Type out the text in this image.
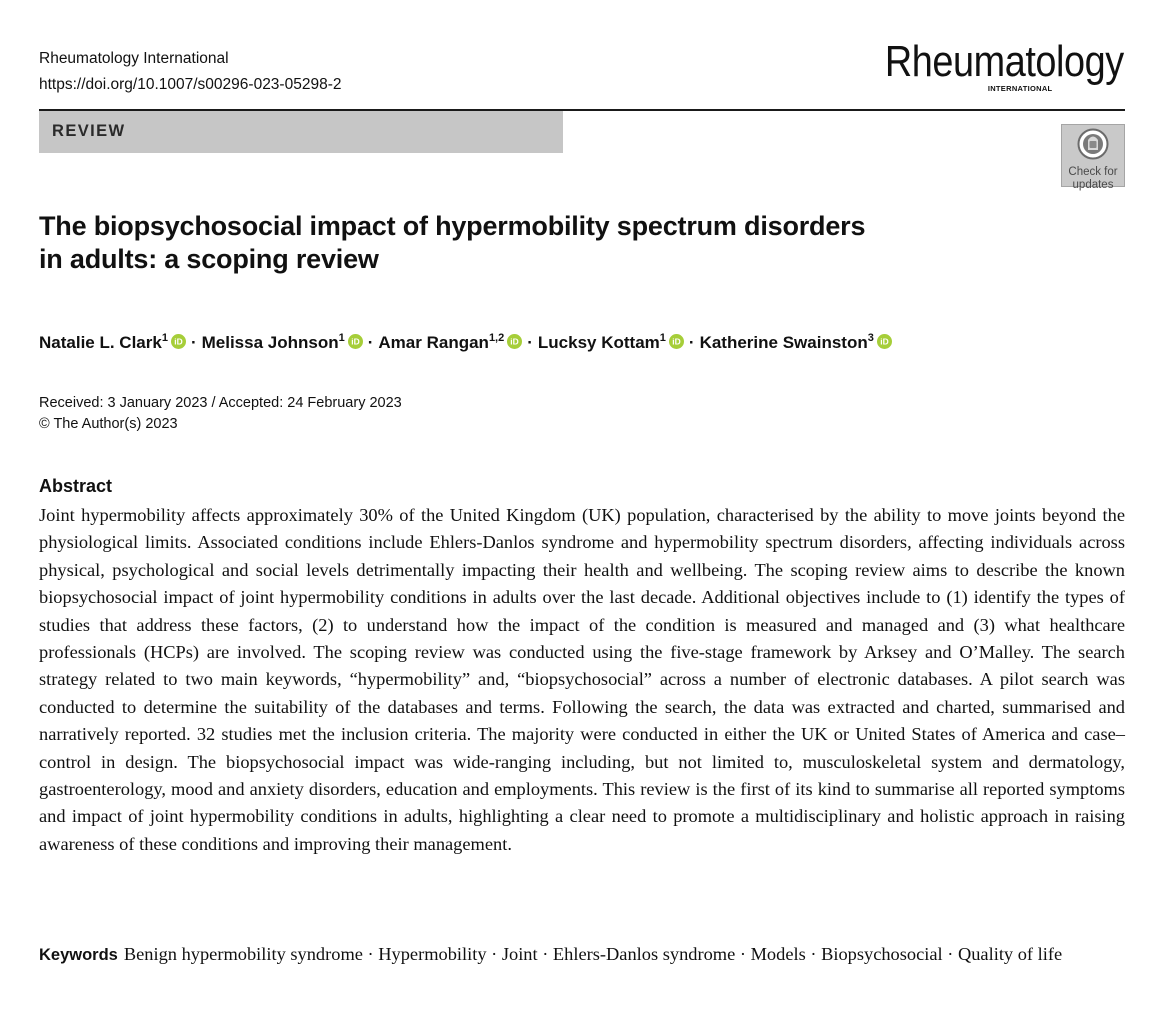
Rheumatology International
https://doi.org/10.1007/s00296-023-05298-2	Rheumatology
INTERNATIONAL
REVIEW
Check for
updates
The biopsychosocial impact of hypermobility spectrum disorders
in adults: a scoping review
Natalie L. Clark$^1$ iD · Melissa Johnson$^1$ iD · Amar Rangan$^{1,2}$ iD · Lucksy Kottam$^1$ iD · Katherine Swainston$^3$ iD
Received: 3 January 2023 / Accepted: 24 February 2023
© The Author(s) 2023
Abstract
Joint hypermobility affects approximately 30% of the United Kingdom (UK) population, characterised by the ability to move joints beyond the physiological limits. Associated conditions include Ehlers-Danlos syndrome and hypermobility spectrum disorders, affecting individuals across physical, psychological and social levels detrimentally impacting their health and wellbeing. The scoping review aims to describe the known biopsychosocial impact of joint hypermobility conditions in adults over the last decade. Additional objectives include to (1) identify the types of studies that address these factors, (2) to understand how the impact of the condition is measured and managed and (3) what healthcare professionals (HCPs) are involved. The scoping review was conducted using the five-stage framework by Arksey and O’Malley. The search strategy related to two main keywords, “hypermobility” and, “biopsychosocial” across a number of electronic databases. A pilot search was conducted to determine the suitability of the databases and terms. Following the search, the data was extracted and charted, summarised and narratively reported. 32 studies met the inclusion criteria. The majority were conducted in either the UK or United States of America and case–control in design. The biopsychosocial impact was wide-ranging including, but not limited to, musculoskeletal system and dermatology, gastroenterology, mood and anxiety disorders, education and employments. This review is the first of its kind to summarise all reported symptoms and impact of joint hypermobility conditions in adults, highlighting a clear need to promote a multidisciplinary and holistic approach in raising awareness of these conditions and improving their management.
Keywords Benign hypermobility syndrome · Hypermobility · Joint · Ehlers-Danlos syndrome · Models · Biopsychosocial · Quality of life
